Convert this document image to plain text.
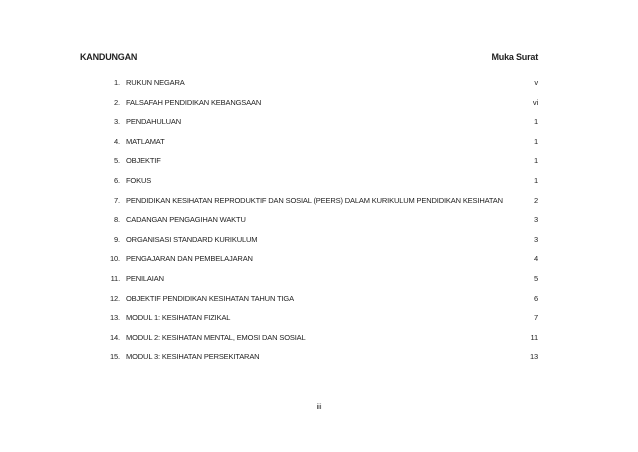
KANDUNGAN	Muka Surat
1. RUKUN NEGARA	v
2. FALSAFAH PENDIDIKAN KEBANGSAAN	vi
3. PENDAHULUAN	1
4. MATLAMAT	1
5. OBJEKTIF	1
6. FOKUS	1
7. PENDIDIKAN KESIHATAN REPRODUKTIF DAN SOSIAL (PEERS) DALAM KURIKULUM PENDIDIKAN KESIHATAN	2
8. CADANGAN PENGAGIHAN WAKTU	3
9. ORGANISASI STANDARD KURIKULUM	3
10. PENGAJARAN DAN PEMBELAJARAN	4
11. PENILAIAN	5
12. OBJEKTIF PENDIDIKAN KESIHATAN TAHUN TIGA	6
13. MODUL 1: KESIHATAN FIZIKAL	7
14. MODUL 2: KESIHATAN MENTAL, EMOSI DAN SOSIAL	11
15. MODUL 3: KESIHATAN PERSEKITARAN	13
iii
